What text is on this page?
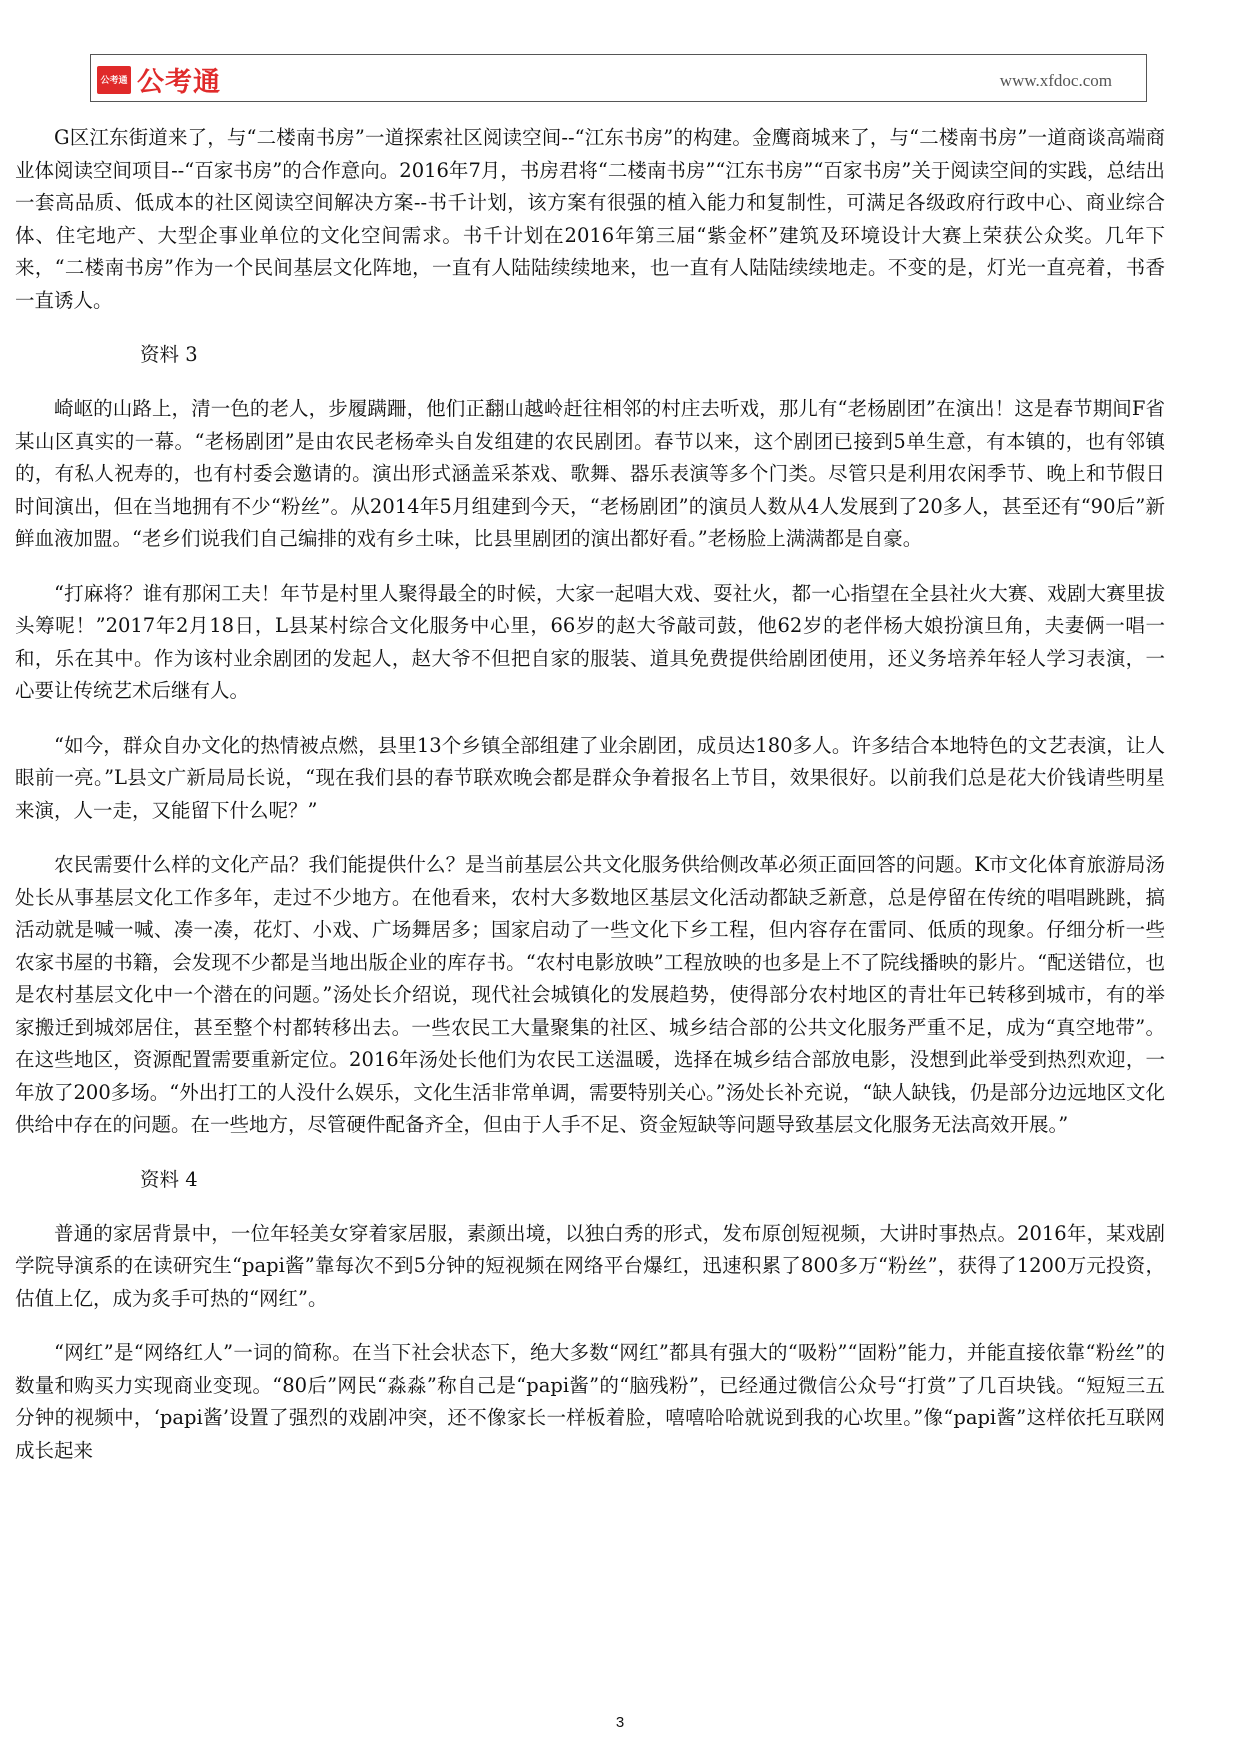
公考通 公考通	www.xfdoc.com

G区江东街道来了，与“二楼南书房”一道探索社区阅读空间--“江东书房”的构建。金鹰商城来了，与“二楼南书房”一道商谈高端商业体阅读空间项目--“百家书房”的合作意向。2016年7月，书房君将“二楼南书房”“江东书房”“百家书房”关于阅读空间的实践，总结出一套高品质、低成本的社区阅读空间解决方案--书千计划，该方案有很强的植入能力和复制性，可满足各级政府行政中心、商业综合体、住宅地产、大型企事业单位的文化空间需求。书千计划在2016年第三届“紫金杯”建筑及环境设计大赛上荣获公众奖。几年下来，“二楼南书房”作为一个民间基层文化阵地，一直有人陆陆续续地来，也一直有人陆陆续续地走。不变的是，灯光一直亮着，书香一直诱人。

资料 3

崎岖的山路上，清一色的老人，步履蹒跚，他们正翻山越岭赶往相邻的村庄去听戏，那儿有“老杨剧团”在演出！这是春节期间F省某山区真实的一幕。“老杨剧团”是由农民老杨牵头自发组建的农民剧团。春节以来，这个剧团已接到5单生意，有本镇的，也有邻镇的，有私人祝寿的，也有村委会邀请的。演出形式涵盖采茶戏、歌舞、器乐表演等多个门类。尽管只是利用农闲季节、晚上和节假日时间演出，但在当地拥有不少“粉丝”。从2014年5月组建到今天，“老杨剧团”的演员人数从4人发展到了20多人，甚至还有“90后”新鲜血液加盟。“老乡们说我们自己编排的戏有乡土味，比县里剧团的演出都好看。”老杨脸上满满都是自豪。

“打麻将？谁有那闲工夫！年节是村里人聚得最全的时候，大家一起唱大戏、耍社火，都一心指望在全县社火大赛、戏剧大赛里拔头筹呢！”2017年2月18日，L县某村综合文化服务中心里，66岁的赵大爷敲司鼓，他62岁的老伴杨大娘扮演旦角，夫妻俩一唱一和，乐在其中。作为该村业余剧团的发起人，赵大爷不但把自家的服装、道具免费提供给剧团使用，还义务培养年轻人学习表演，一心要让传统艺术后继有人。

“如今，群众自办文化的热情被点燃，县里13个乡镇全部组建了业余剧团，成员达180多人。许多结合本地特色的文艺表演，让人眼前一亮。”L县文广新局局长说，“现在我们县的春节联欢晚会都是群众争着报名上节目，效果很好。以前我们总是花大价钱请些明星来演，人一走，又能留下什么呢？”

农民需要什么样的文化产品？我们能提供什么？是当前基层公共文化服务供给侧改革必须正面回答的问题。K市文化体育旅游局汤处长从事基层文化工作多年，走过不少地方。在他看来，农村大多数地区基层文化活动都缺乏新意，总是停留在传统的唱唱跳跳，搞活动就是喊一喊、凑一凑，花灯、小戏、广场舞居多；国家启动了一些文化下乡工程，但内容存在雷同、低质的现象。仔细分析一些农家书屋的书籍，会发现不少都是当地出版企业的库存书。“农村电影放映”工程放映的也多是上不了院线播映的影片。“配送错位，也是农村基层文化中一个潜在的问题。”汤处长介绍说，现代社会城镇化的发展趋势，使得部分农村地区的青壮年已转移到城市，有的举家搬迁到城郊居住，甚至整个村都转移出去。一些农民工大量聚集的社区、城乡结合部的公共文化服务严重不足，成为“真空地带”。在这些地区，资源配置需要重新定位。2016年汤处长他们为农民工送温暖，选择在城乡结合部放电影，没想到此举受到热烈欢迎，一年放了200多场。“外出打工的人没什么娱乐，文化生活非常单调，需要特别关心。”汤处长补充说，“缺人缺钱，仍是部分边远地区文化供给中存在的问题。在一些地方，尽管硬件配备齐全，但由于人手不足、资金短缺等问题导致基层文化服务无法高效开展。”

资料 4

普通的家居背景中，一位年轻美女穿着家居服，素颜出境，以独白秀的形式，发布原创短视频，大讲时事热点。2016年，某戏剧学院导演系的在读研究生“papi酱”靠每次不到5分钟的短视频在网络平台爆红，迅速积累了800多万“粉丝”，获得了1200万元投资，估值上亿，成为炙手可热的“网红”。

“网红”是“网络红人”一词的简称。在当下社会状态下，绝大多数“网红”都具有强大的“吸粉”“固粉”能力，并能直接依靠“粉丝”的数量和购买力实现商业变现。“80后”网民“淼淼”称自己是“papi酱”的“脑残粉”，已经通过微信公众号“打赏”了几百块钱。“短短三五分钟的视频中，‘papi酱’设置了强烈的戏剧冲突，还不像家长一样板着脸，嘻嘻哈哈就说到我的心坎里。”像“papi酱”这样依托互联网成长起来

3
